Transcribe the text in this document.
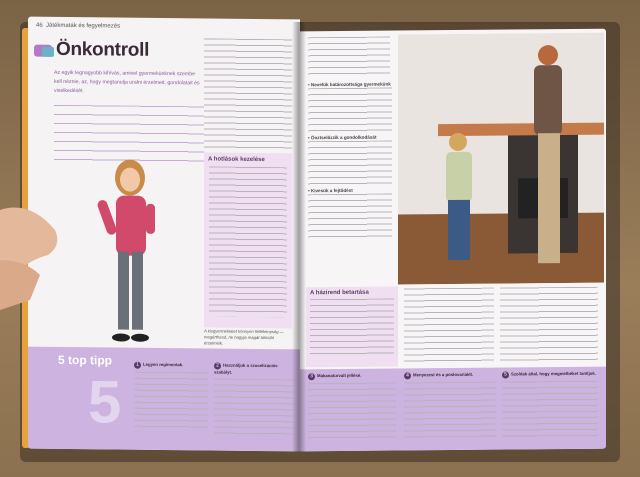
46 Játékmaták és fegyelmezés
Önkontroll
Az egyik legnagyobb kihívás, amivel gyermekünknek szembe kell néznie, az, hogy megtanulja uralni érzelmeit, gondolatait és viselkedését.
A hotlások kezelése
A kisgyermekeket könnyen féltékenység — megérthesd, ne hagyja magát túlmúló érzelmeik.
5 top tipp
5
1 Legyen regimentak.	2 Használjuk a szocelizációs szabályt.
• Nevelük határozottsága gyermekünk
• Önztselőzzik a gondolkodását
• Kivesük a fejtődést
A házirend betartása
3 Makanaturvalt jellésé.	4 Menyezest és a poslovariaklt.	5 Szoldak által, hogy megmelbéket tanítjuk.
